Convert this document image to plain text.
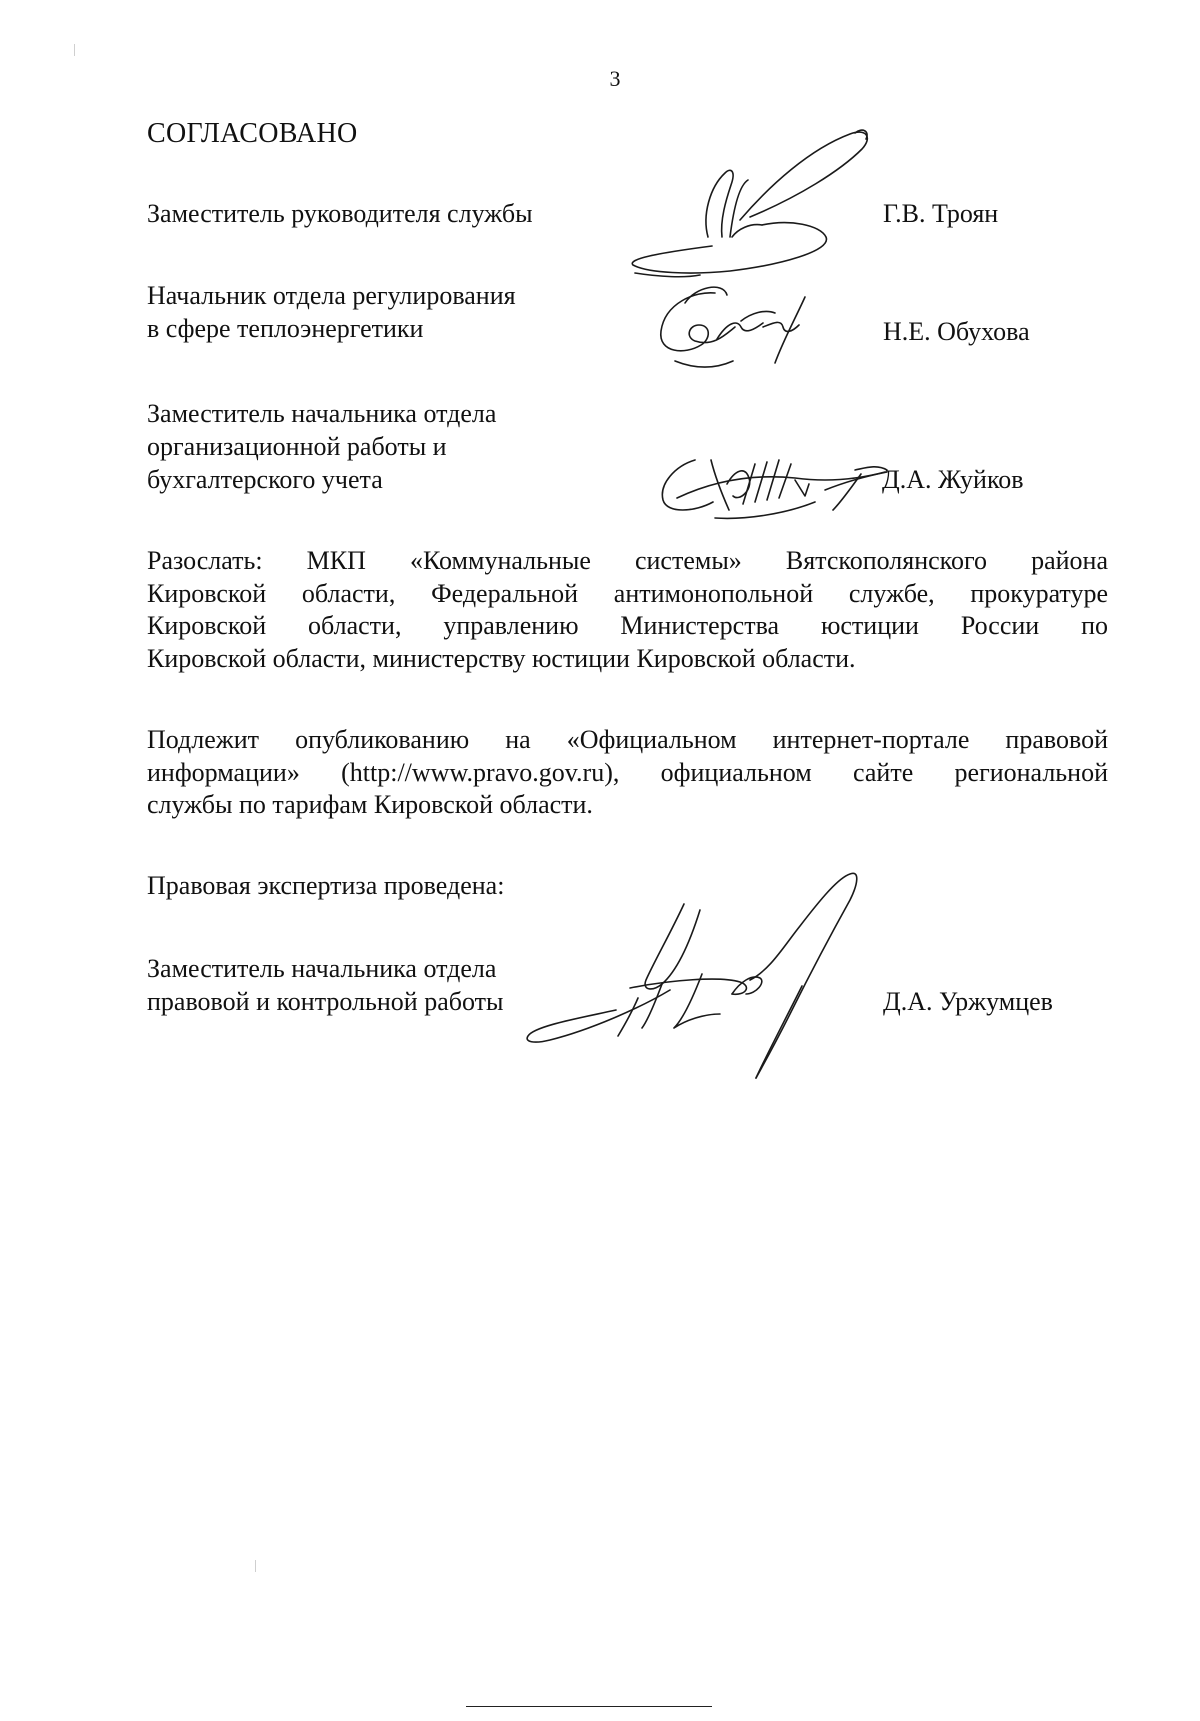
3
СОГЛАСОВАНО
Заместитель руководителя службы	Г.В. Троян
Начальник отдела регулирования
в сфере теплоэнергетики	Н.Е. Обухова
Заместитель начальника отдела
организационной работы и
бухгалтерского учета	Д.А. Жуйков
Разослать: МКП «Коммунальные системы» Вятскополянского района
Кировской области, Федеральной антимонопольной службе, прокуратуре
Кировской области, управлению Министерства юстиции России по
Кировской области, министерству юстиции Кировской области.
Подлежит опубликованию на «Официальном интернет-портале правовой
информации» (http://www.pravo.gov.ru), официальном сайте региональной
службы по тарифам Кировской области.
Правовая экспертиза проведена:
Заместитель начальника отдела
правовой и контрольной работы	Д.А. Уржумцев
